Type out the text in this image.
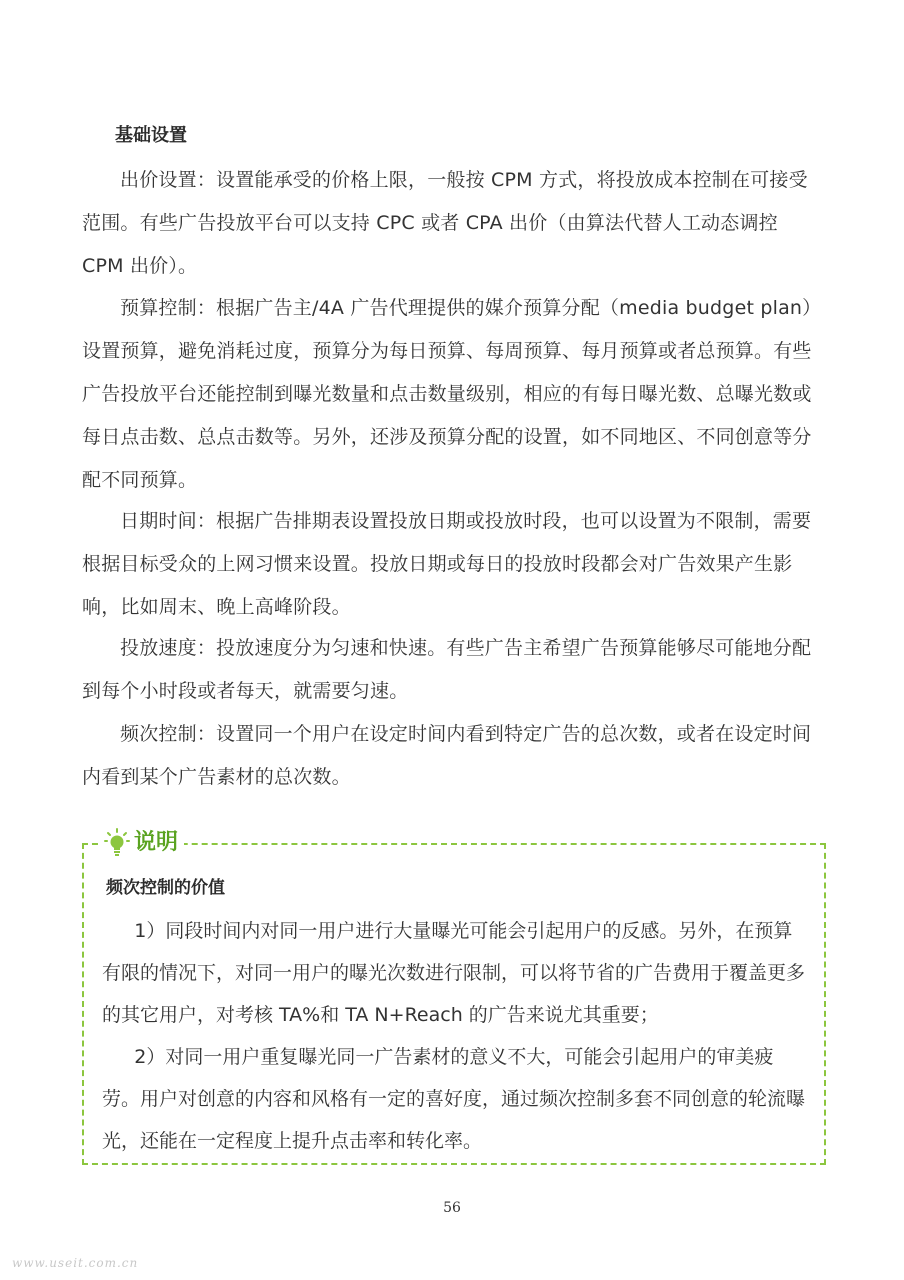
基础设置

出价设置：设置能承受的价格上限，一般按 CPM 方式，将投放成本控制在可接受范围。有些广告投放平台可以支持 CPC 或者 CPA 出价（由算法代替人工动态调控 CPM 出价）。

预算控制：根据广告主/4A 广告代理提供的媒介预算分配（media budget plan）设置预算，避免消耗过度，预算分为每日预算、每周预算、每月预算或者总预算。有些广告投放平台还能控制到曝光数量和点击数量级别，相应的有每日曝光数、总曝光数或每日点击数、总点击数等。另外，还涉及预算分配的设置，如不同地区、不同创意等分配不同预算。

日期时间：根据广告排期表设置投放日期或投放时段，也可以设置为不限制，需要根据目标受众的上网习惯来设置。投放日期或每日的投放时段都会对广告效果产生影响，比如周末、晚上高峰阶段。

投放速度：投放速度分为匀速和快速。有些广告主希望广告预算能够尽可能地分配到每个小时段或者每天，就需要匀速。

频次控制：设置同一个用户在设定时间内看到特定广告的总次数，或者在设定时间内看到某个广告素材的总次数。

说明
频次控制的价值

1）同段时间内对同一用户进行大量曝光可能会引起用户的反感。另外，在预算有限的情况下，对同一用户的曝光次数进行限制，可以将节省的广告费用于覆盖更多的其它用户，对考核 TA%和 TA N+Reach 的广告来说尤其重要；

2）对同一用户重复曝光同一广告素材的意义不大，可能会引起用户的审美疲劳。用户对创意的内容和风格有一定的喜好度，通过频次控制多套不同创意的轮流曝光，还能在一定程度上提升点击率和转化率。

56
www.useit.com.cn
